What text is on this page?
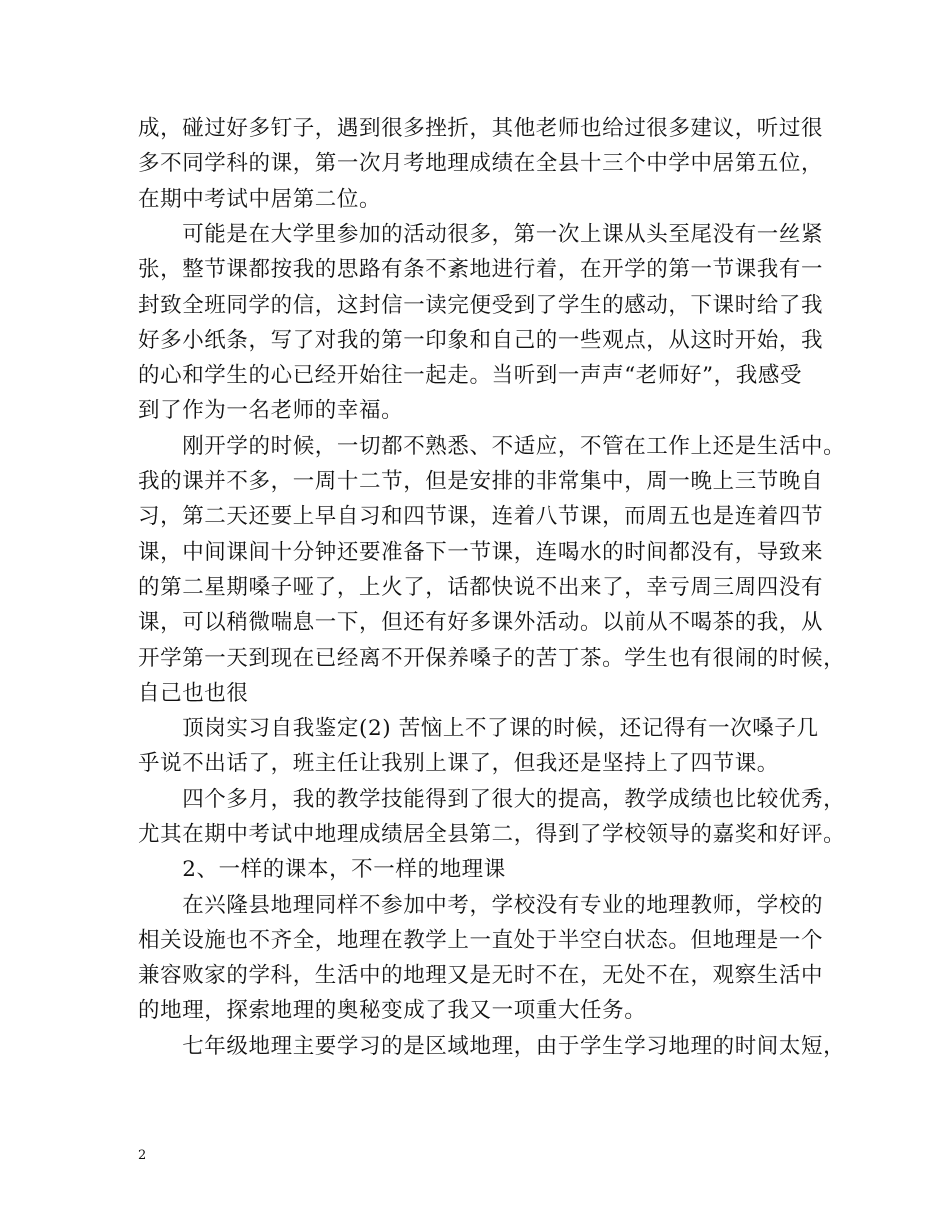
成，碰过好多钉子，遇到很多挫折，其他老师也给过很多建议，听过很
多不同学科的课，第一次月考地理成绩在全县十三个中学中居第五位，
在期中考试中居第二位。
　　可能是在大学里参加的活动很多，第一次上课从头至尾没有一丝紧
张，整节课都按我的思路有条不紊地进行着，在开学的第一节课我有一
封致全班同学的信，这封信一读完便受到了学生的感动，下课时给了我
好多小纸条，写了对我的第一印象和自己的一些观点，从这时开始，我
的心和学生的心已经开始往一起走。当听到一声声“老师好”，我感受
到了作为一名老师的幸福。
　　刚开学的时候，一切都不熟悉、不适应，不管在工作上还是生活中。
我的课并不多，一周十二节，但是安排的非常集中，周一晚上三节晚自
习，第二天还要上早自习和四节课，连着八节课，而周五也是连着四节
课，中间课间十分钟还要准备下一节课，连喝水的时间都没有，导致来
的第二星期嗓子哑了，上火了，话都快说不出来了，幸亏周三周四没有
课，可以稍微喘息一下，但还有好多课外活动。以前从不喝茶的我，从
开学第一天到现在已经离不开保养嗓子的苦丁茶。学生也有很闹的时候，
自己也也很
　　顶岗实习自我鉴定(2) 苦恼上不了课的时候，还记得有一次嗓子几
乎说不出话了，班主任让我别上课了，但我还是坚持上了四节课。
　　四个多月，我的教学技能得到了很大的提高，教学成绩也比较优秀，
尤其在期中考试中地理成绩居全县第二，得到了学校领导的嘉奖和好评。
　　2、一样的课本，不一样的地理课
　　在兴隆县地理同样不参加中考，学校没有专业的地理教师，学校的
相关设施也不齐全，地理在教学上一直处于半空白状态。但地理是一个
兼容败家的学科，生活中的地理又是无时不在，无处不在，观察生活中
的地理，探索地理的奥秘变成了我又一项重大任务。
　　七年级地理主要学习的是区域地理，由于学生学习地理的时间太短，
2
